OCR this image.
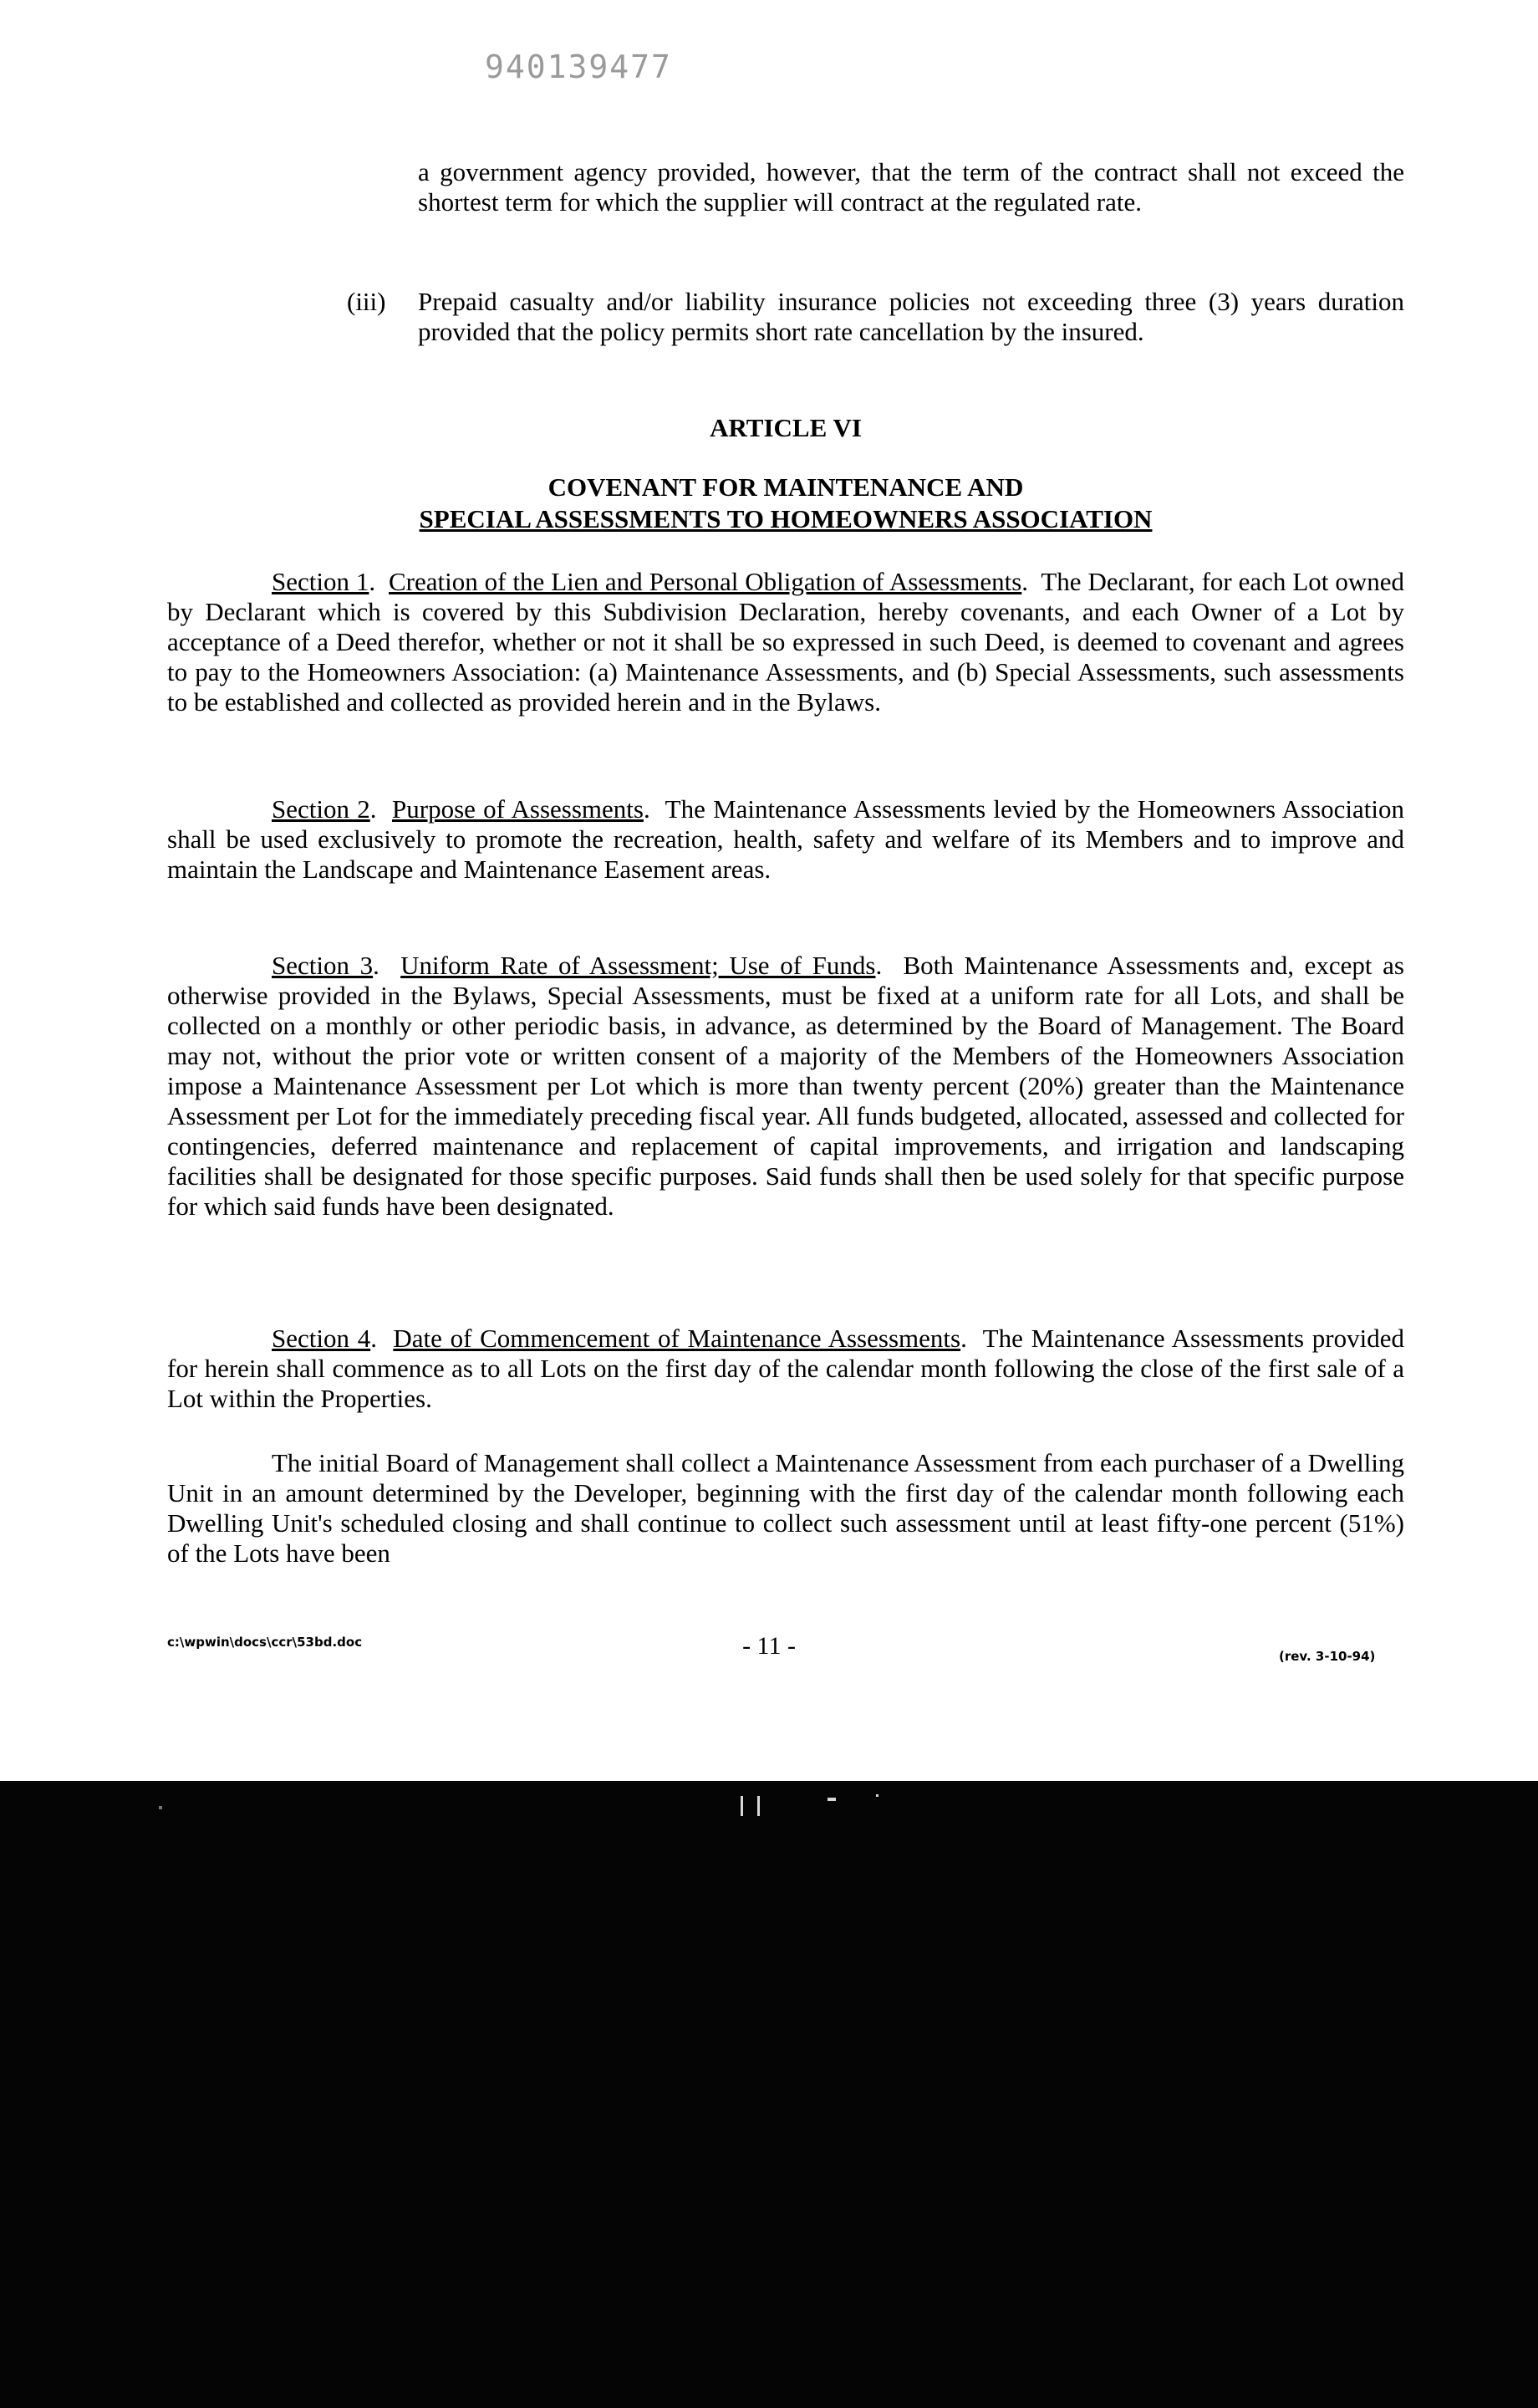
940139477

a government agency provided, however, that the term of the contract shall not exceed the shortest term for which the supplier will contract at the regulated rate.

(iii)	Prepaid casualty and/or liability insurance policies not exceeding three (3) years duration provided that the policy permits short rate cancellation by the insured.

ARTICLE VI

COVENANT FOR MAINTENANCE AND

SPECIAL ASSESSMENTS TO HOMEOWNERS ASSOCIATION

Section 1.  Creation of the Lien and Personal Obligation of Assessments.  The Declarant, for each Lot owned by Declarant which is covered by this Subdivision Declaration, hereby covenants, and each Owner of a Lot by acceptance of a Deed therefor, whether or not it shall be so expressed in such Deed, is deemed to covenant and agrees to pay to the Homeowners Association: (a) Maintenance Assessments, and (b) Special Assessments, such assessments to be established and collected as provided herein and in the Bylaws.

Section 2.  Purpose of Assessments.  The Maintenance Assessments levied by the Homeowners Association shall be used exclusively to promote the recreation, health, safety and welfare of its Members and to improve and maintain the Landscape and Maintenance Easement areas.

Section 3.  Uniform Rate of Assessment; Use of Funds.  Both Maintenance Assessments and, except as otherwise provided in the Bylaws, Special Assessments, must be fixed at a uniform rate for all Lots, and shall be collected on a monthly or other periodic basis, in advance, as determined by the Board of Management. The Board may not, without the prior vote or written consent of a majority of the Members of the Homeowners Association impose a Maintenance Assessment per Lot which is more than twenty percent (20%) greater than the Maintenance Assessment per Lot for the immediately preceding fiscal year. All funds budgeted, allocated, assessed and collected for contingencies, deferred maintenance and replacement of capital improvements, and irrigation and landscaping facilities shall be designated for those specific purposes. Said funds shall then be used solely for that specific purpose for which said funds have been designated.

Section 4.  Date of Commencement of Maintenance Assessments.  The Maintenance Assessments provided for herein shall commence as to all Lots on the first day of the calendar month following the close of the first sale of a Lot within the Properties.

The initial Board of Management shall collect a Maintenance Assessment from each purchaser of a Dwelling Unit in an amount determined by the Developer, beginning with the first day of the calendar month following each Dwelling Unit's scheduled closing and shall continue to collect such assessment until at least fifty-one percent (51%) of the Lots have been

c:\wpwin\docs\ccr\53bd.doc	- 11 -	(rev. 3-10-94)
